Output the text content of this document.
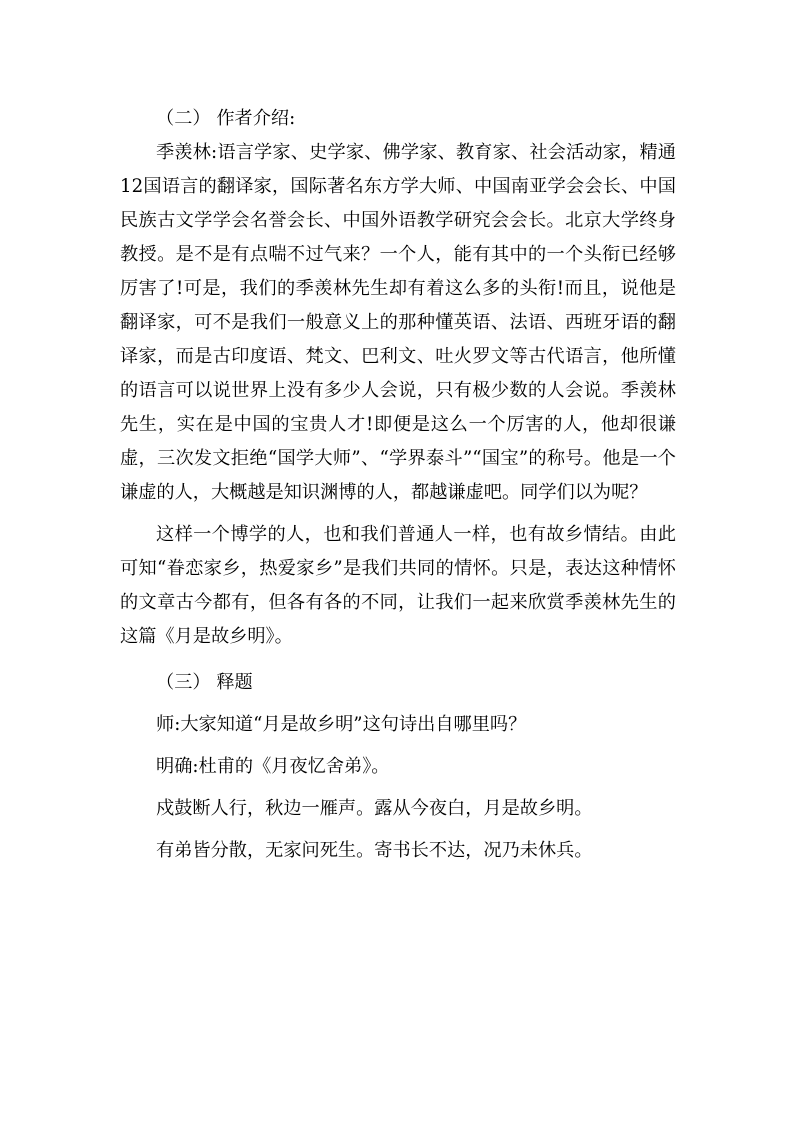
（二） 作者介绍:

季羡林:语言学家、史学家、佛学家、教育家、社会活动家，精通12国语言的翻译家，国际著名东方学大师、中国南亚学会会长、中国民族古文学学会名誉会长、中国外语教学研究会会长。北京大学终身教授。是不是有点喘不过气来？一个人，能有其中的一个头衔已经够厉害了!可是，我们的季羡林先生却有着这么多的头衔!而且，说他是翻译家，可不是我们一般意义上的那种懂英语、法语、西班牙语的翻译家，而是古印度语、梵文、巴利文、吐火罗文等古代语言，他所懂的语言可以说世界上没有多少人会说，只有极少数的人会说。季羡林先生，实在是中国的宝贵人才!即便是这么一个厉害的人，他却很谦虚，三次发文拒绝“国学大师”、“学界泰斗”“国宝”的称号。他是一个谦虚的人，大概越是知识渊博的人，都越谦虚吧。同学们以为呢？

这样一个博学的人，也和我们普通人一样，也有故乡情结。由此可知“眷恋家乡，热爱家乡”是我们共同的情怀。只是，表达这种情怀的文章古今都有，但各有各的不同，让我们一起来欣赏季羡林先生的这篇《月是故乡明》。

（三） 释题

师:大家知道“月是故乡明”这句诗出自哪里吗？

明确:杜甫的《月夜忆舍弟》。

戍鼓断人行，秋边一雁声。露从今夜白，月是故乡明。

有弟皆分散，无家问死生。寄书长不达，况乃未休兵。
